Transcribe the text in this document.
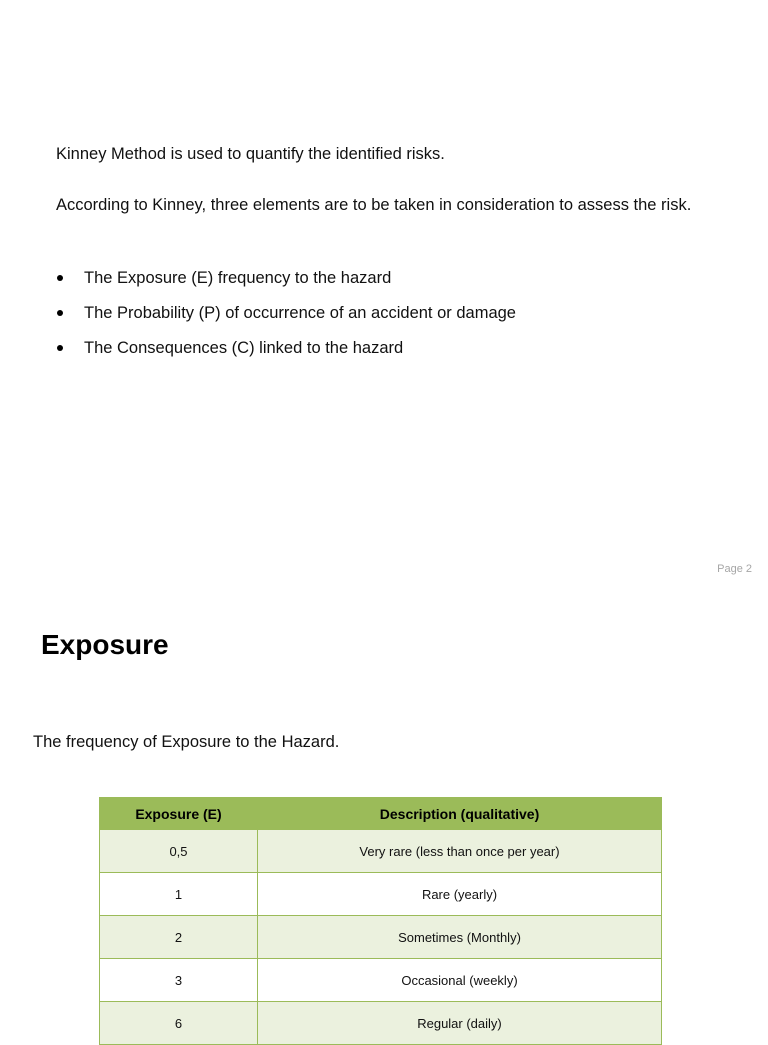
Kinney Method is used to quantify the identified risks.
According to Kinney, three elements are to be taken in consideration to assess the risk.
The Exposure (E) frequency to the hazard
The Probability (P) of occurrence of an accident or damage
The Consequences (C) linked to the hazard
Page 2
Exposure
The frequency of Exposure to the Hazard.
Exposure (E)	Description (qualitative)
0,5	Very rare (less than once per year)
1	Rare (yearly)
2	Sometimes (Monthly)
3	Occasional (weekly)
6	Regular (daily)
